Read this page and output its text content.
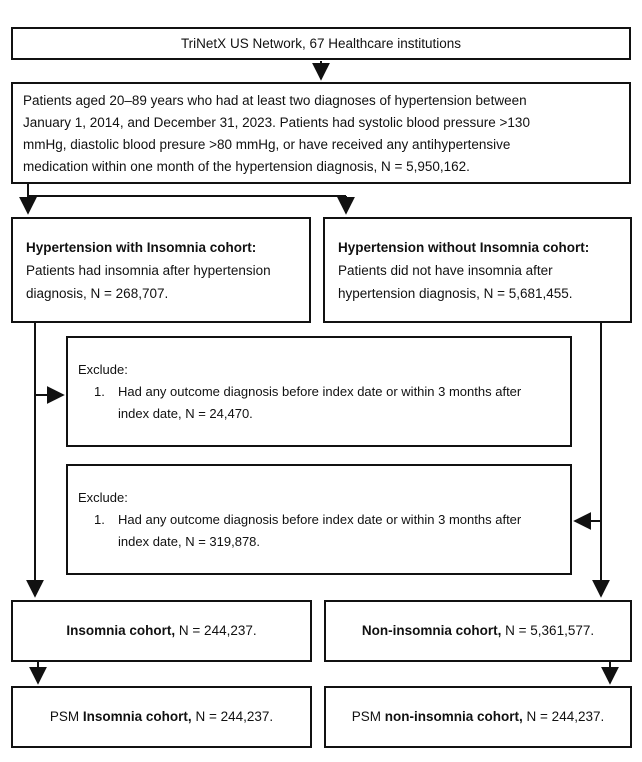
TriNetX US Network, 67 Healthcare institutions
Patients aged 20–89 years who had at least two diagnoses of hypertension between
January 1, 2014, and December 31, 2023. Patients had systolic blood pressure >130
mmHg, diastolic blood presure >80 mmHg, or have received any antihypertensive
medication within one month of the hypertension diagnosis, N = 5,950,162.
Hypertension with Insomnia cohort:
Patients had insomnia after hypertension
diagnosis, N = 268,707.
Hypertension without Insomnia cohort:
Patients did not have insomnia after
hypertension diagnosis, N = 5,681,455.
Exclude:
1.	Had any outcome diagnosis before index date or within 3 months after
index date, N = 24,470.
Exclude:
1.	Had any outcome diagnosis before index date or within 3 months after
index date, N = 319,878.
Insomnia cohort, N = 244,237.	Non-insomnia cohort, N = 5,361,577.
PSM Insomnia cohort, N = 244,237.	PSM non-insomnia cohort, N = 244,237.
